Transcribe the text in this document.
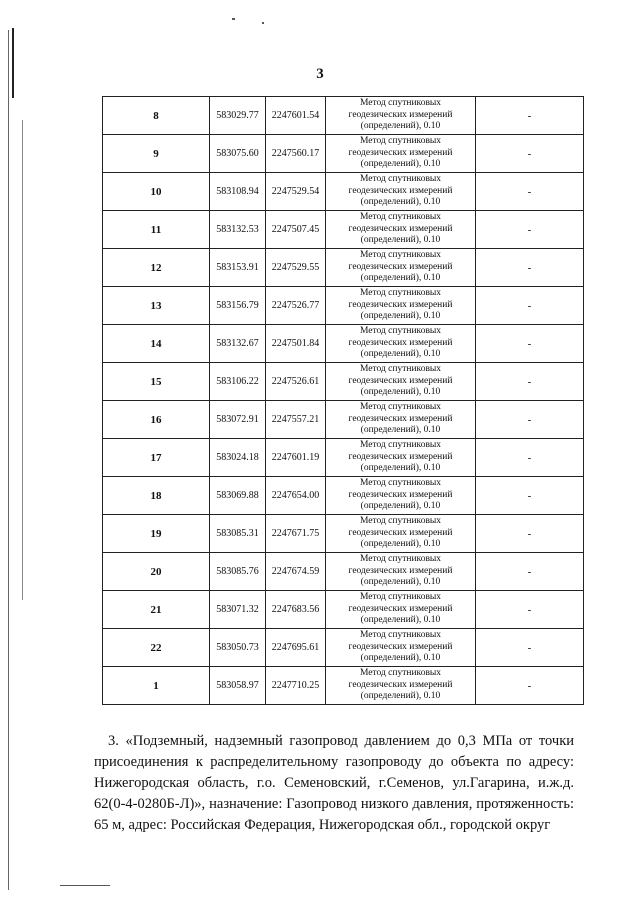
3
8	583029.77	2247601.54	Метод спутниковых
геодезических измерений
(определений), 0.10	-
9	583075.60	2247560.17	Метод спутниковых
геодезических измерений
(определений), 0.10	-
10	583108.94	2247529.54	Метод спутниковых
геодезических измерений
(определений), 0.10	-
11	583132.53	2247507.45	Метод спутниковых
геодезических измерений
(определений), 0.10	-
12	583153.91	2247529.55	Метод спутниковых
геодезических измерений
(определений), 0.10	-
13	583156.79	2247526.77	Метод спутниковых
геодезических измерений
(определений), 0.10	-
14	583132.67	2247501.84	Метод спутниковых
геодезических измерений
(определений), 0.10	-
15	583106.22	2247526.61	Метод спутниковых
геодезических измерений
(определений), 0.10	-
16	583072.91	2247557.21	Метод спутниковых
геодезических измерений
(определений), 0.10	-
17	583024.18	2247601.19	Метод спутниковых
геодезических измерений
(определений), 0.10	-
18	583069.88	2247654.00	Метод спутниковых
геодезических измерений
(определений), 0.10	-
19	583085.31	2247671.75	Метод спутниковых
геодезических измерений
(определений), 0.10	-
20	583085.76	2247674.59	Метод спутниковых
геодезических измерений
(определений), 0.10	-
21	583071.32	2247683.56	Метод спутниковых
геодезических измерений
(определений), 0.10	-
22	583050.73	2247695.61	Метод спутниковых
геодезических измерений
(определений), 0.10	-
1	583058.97	2247710.25	Метод спутниковых
геодезических измерений
(определений), 0.10	-

3. «Подземный, надземный газопровод давлением до 0,3 МПа от точки присоединения к распределительному газопроводу до объекта по адресу: Нижегородская область, г.о. Семеновский, г.Семенов, ул.Гагарина, и.ж.д. 62(0-4-0280Б-Л)», назначение: Газопровод низкого давления, протяженность: 65 м, адрес: Российская Федерация, Нижегородская обл., городской округ
